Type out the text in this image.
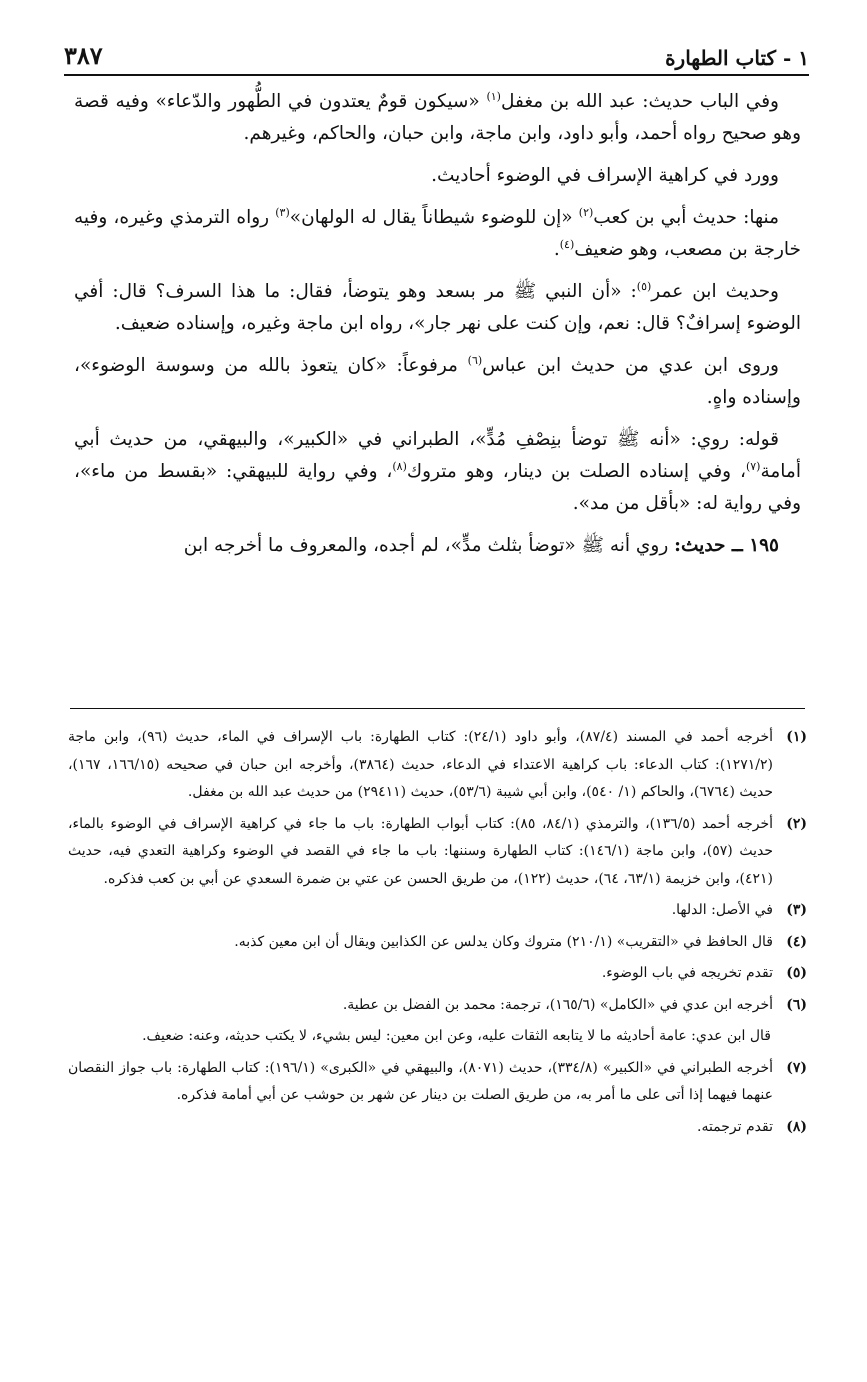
١ - كتاب الطهارة
٣٨٧

وفي الباب حديث: عبد الله بن مغفل$^{(١)}$ «سيكون قومٌ يعتدون في الطُّهور والدّعاء» وفيه قصة وهو صحيح رواه أحمد، وأبو داود، وابن ماجة، وابن حبان، والحاكم، وغيرهم.

وورد في كراهية الإسراف في الوضوء أحاديث.

منها: حديث أبي بن كعب$^{(٢)}$ «إن للوضوء شيطاناً يقال له الولهان»$^{(٣)}$ رواه الترمذي وغيره، وفيه خارجة بن مصعب، وهو ضعيف$^{(٤)}$.

وحديث ابن عمر$^{(٥)}$: «أن النبي ﷺ مر بسعد وهو يتوضأ، فقال: ما هذا السرف؟ قال: أفي الوضوء إسرافٌ؟ قال: نعم، وإن كنت على نهر جار»، رواه ابن ماجة وغيره، وإسناده ضعيف.

وروى ابن عدي من حديث ابن عباس$^{(٦)}$ مرفوعاً: «كان يتعوذ بالله من وسوسة الوضوء»، وإسناده واهٍ.

قوله: روي: «أنه ﷺ توضأ بنِصْفِ مُدٍّ»، الطبراني في «الكبير»، والبيهقي، من حديث أبي أمامة$^{(٧)}$، وفي إسناده الصلت بن دينار، وهو متروك$^{(٨)}$، وفي رواية للبيهقي: «بقسط من ماء»، وفي رواية له: «بأقل من مد».

١٩٥ ــ حديث: روي أنه ﷺ «توضأ بثلث مدٍّ»، لم أجده، والمعروف ما أخرجه ابن

(١)
أخرجه أحمد في المسند (٨٧/٤)، وأبو داود (٢٤/١): كتاب الطهارة: باب الإسراف في الماء، حديث (٩٦)، وابن ماجة (١٢٧١/٢): كتاب الدعاء: باب كراهية الاعتداء في الدعاء، حديث (٣٨٦٤)، وأخرجه ابن حبان في صحيحه (١٦٦/١٥، ١٦٧)، حديث (٦٧٦٤)، والحاكم (١/ ٥٤٠)، وابن أبي شيبة (٥٣/٦)، حديث (٢٩٤١١) من حديث عبد الله بن مغفل.
(٢)
أخرجه أحمد (١٣٦/٥)، والترمذي (٨٤/١، ٨٥): كتاب أبواب الطهارة: باب ما جاء في كراهية الإسراف في الوضوء بالماء، حديث (٥٧)، وابن ماجة (١٤٦/١): كتاب الطهارة وسننها: باب ما جاء في القصد في الوضوء وكراهية التعدي فيه، حديث (٤٢١)، وابن خزيمة (٦٣/١، ٦٤)، حديث (١٢٢)، من طريق الحسن عن عتي بن ضمرة السعدي عن أبي بن كعب فذكره.
(٣)
في الأصل: الدلها.
(٤)
قال الحافظ في «التقريب» (٢١٠/١) متروك وكان يدلس عن الكذابين ويقال أن ابن معين كذبه.
(٥)
تقدم تخريجه في باب الوضوء.
(٦)
أخرجه ابن عدي في «الكامل» (١٦٥/٦)، ترجمة: محمد بن الفضل بن عطية.
قال ابن عدي: عامة أحاديثه ما لا يتابعه الثقات عليه، وعن ابن معين: ليس بشيء، لا يكتب حديثه، وعنه: ضعيف.
(٧)
أخرجه الطبراني في «الكبير» (٣٣٤/٨)، حديث (٨٠٧١)، والبيهقي في «الكبرى» (١٩٦/١): كتاب الطهارة: باب جواز النقصان عنهما فيهما إذا أتى على ما أمر به، من طريق الصلت بن دينار عن شهر بن حوشب عن أبي أمامة فذكره.
(٨)
تقدم ترجمته.
